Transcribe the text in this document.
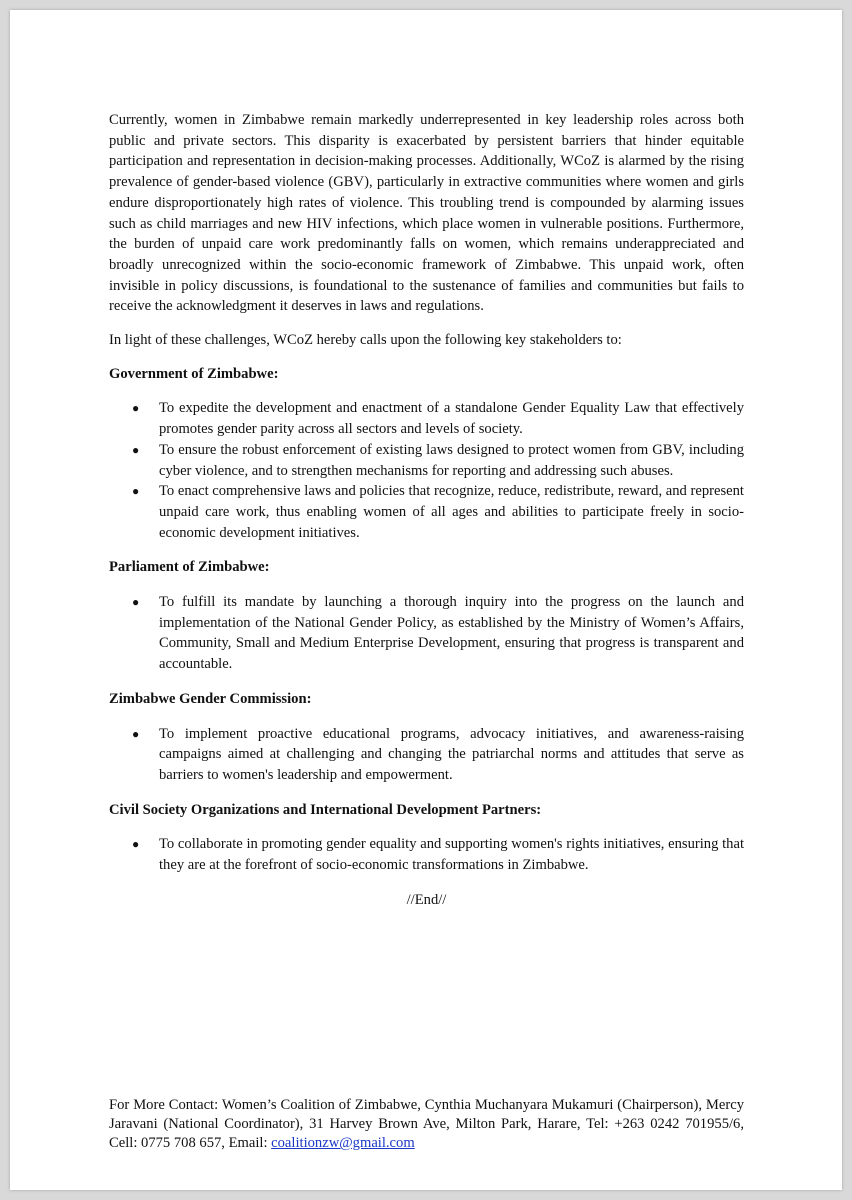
Currently, women in Zimbabwe remain markedly underrepresented in key leadership roles across both public and private sectors. This disparity is exacerbated by persistent barriers that hinder equitable participation and representation in decision-making processes. Additionally, WCoZ is alarmed by the rising prevalence of gender-based violence (GBV), particularly in extractive communities where women and girls endure disproportionately high rates of violence. This troubling trend is compounded by alarming issues such as child marriages and new HIV infections, which place women in vulnerable positions. Furthermore, the burden of unpaid care work predominantly falls on women, which remains underappreciated and broadly unrecognized within the socio-economic framework of Zimbabwe. This unpaid work, often invisible in policy discussions, is foundational to the sustenance of families and communities but fails to receive the acknowledgment it deserves in laws and regulations.

In light of these challenges, WCoZ hereby calls upon the following key stakeholders to:

Government of Zimbabwe:

● To expedite the development and enactment of a standalone Gender Equality Law that effectively promotes gender parity across all sectors and levels of society.
● To ensure the robust enforcement of existing laws designed to protect women from GBV, including cyber violence, and to strengthen mechanisms for reporting and addressing such abuses.
● To enact comprehensive laws and policies that recognize, reduce, redistribute, reward, and represent unpaid care work, thus enabling women of all ages and abilities to participate freely in socio-economic development initiatives.

Parliament of Zimbabwe:

● To fulfill its mandate by launching a thorough inquiry into the progress on the launch and implementation of the National Gender Policy, as established by the Ministry of Women’s Affairs, Community, Small and Medium Enterprise Development, ensuring that progress is transparent and accountable.

Zimbabwe Gender Commission:

● To implement proactive educational programs, advocacy initiatives, and awareness-raising campaigns aimed at challenging and changing the patriarchal norms and attitudes that serve as barriers to women's leadership and empowerment.

Civil Society Organizations and International Development Partners:

● To collaborate in promoting gender equality and supporting women's rights initiatives, ensuring that they are at the forefront of socio-economic transformations in Zimbabwe.

//End//

For More Contact: Women’s Coalition of Zimbabwe, Cynthia Muchanyara Mukamuri (Chairperson), Mercy Jaravani (National Coordinator), 31 Harvey Brown Ave, Milton Park, Harare, Tel: +263 0242 701955/6, Cell: 0775 708 657, Email: coalitionzw@gmail.com
